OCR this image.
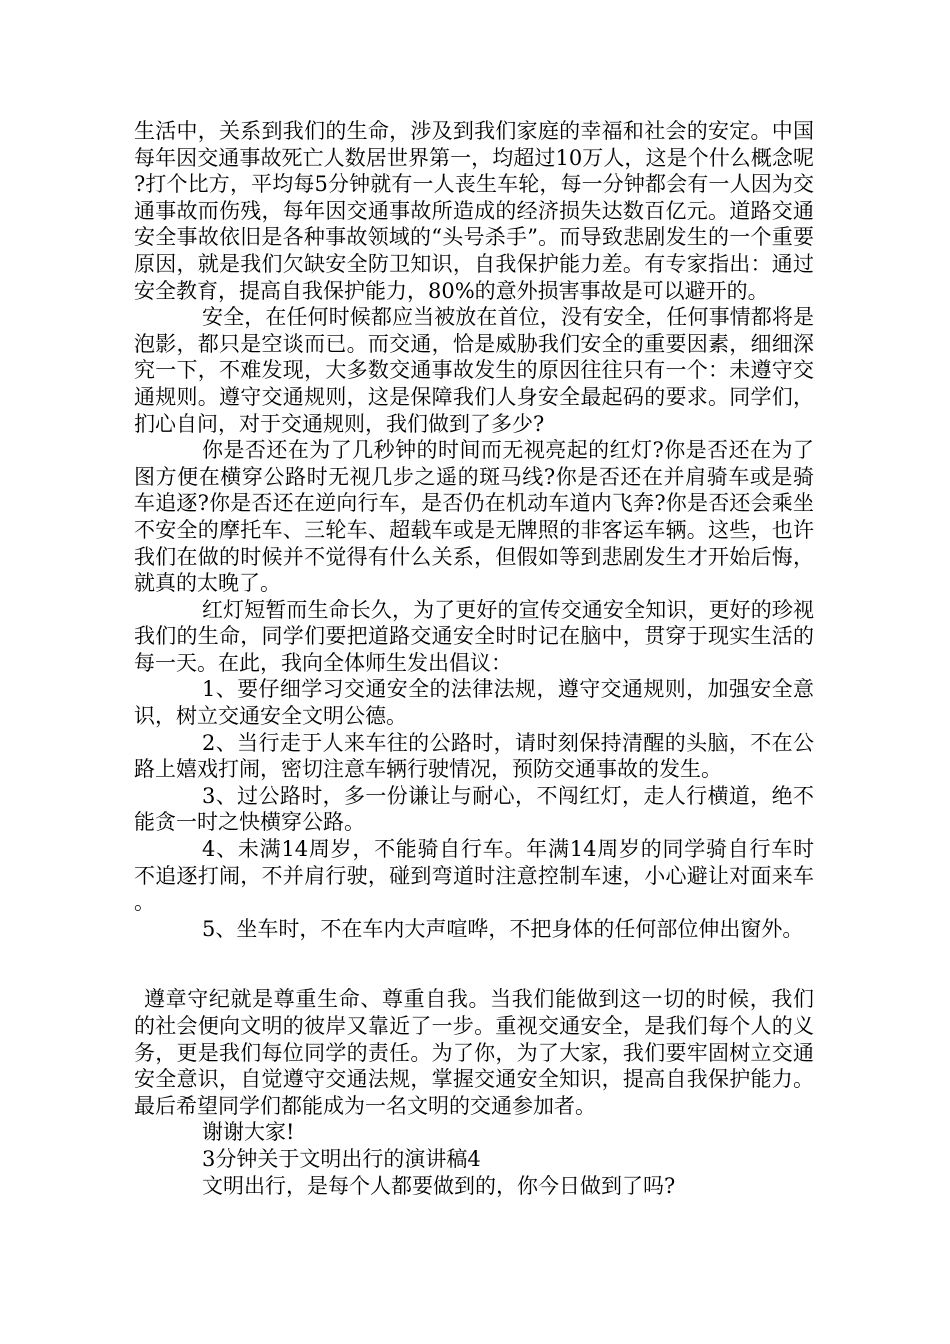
生活中，关系到我们的生命，涉及到我们家庭的幸福和社会的安定。中国每年因交通事故死亡人数居世界第一，均超过10万人，这是个什么概念呢?打个比方，平均每5分钟就有一人丧生车轮，每一分钟都会有一人因为交通事故而伤残，每年因交通事故所造成的经济损失达数百亿元。道路交通安全事故依旧是各种事故领域的“头号杀手”。而导致悲剧发生的一个重要原因，就是我们欠缺安全防卫知识，自我保护能力差。有专家指出：通过安全教育，提高自我保护能力，80%的意外损害事故是可以避开的。

安全，在任何时候都应当被放在首位，没有安全，任何事情都将是泡影，都只是空谈而已。而交通，恰是威胁我们安全的重要因素，细细深究一下，不难发现，大多数交通事故发生的原因往往只有一个：未遵守交通规则。遵守交通规则，这是保障我们人身安全最起码的要求。同学们，扪心自问，对于交通规则，我们做到了多少?

你是否还在为了几秒钟的时间而无视亮起的红灯?你是否还在为了图方便在横穿公路时无视几步之遥的斑马线?你是否还在并肩骑车或是骑车追逐?你是否还在逆向行车，是否仍在机动车道内飞奔?你是否还会乘坐不安全的摩托车、三轮车、超载车或是无牌照的非客运车辆。这些，也许我们在做的时候并不觉得有什么关系，但假如等到悲剧发生才开始后悔，就真的太晚了。

红灯短暂而生命长久，为了更好的宣传交通安全知识，更好的珍视我们的生命，同学们要把道路交通安全时时记在脑中，贯穿于现实生活的每一天。在此，我向全体师生发出倡议：

1、要仔细学习交通安全的法律法规，遵守交通规则，加强安全意识，树立交通安全文明公德。

2、当行走于人来车往的公路时，请时刻保持清醒的头脑，不在公路上嬉戏打闹，密切注意车辆行驶情况，预防交通事故的发生。

3、过公路时，多一份谦让与耐心，不闯红灯，走人行横道，绝不能贪一时之快横穿公路。

4、未满14周岁，不能骑自行车。年满14周岁的同学骑自行车时不追逐打闹，不并肩行驶，碰到弯道时注意控制车速，小心避让对面来车。

5、坐车时，不在车内大声喧哗，不把身体的任何部位伸出窗外。

遵章守纪就是尊重生命、尊重自我。当我们能做到这一切的时候，我们的社会便向文明的彼岸又靠近了一步。重视交通安全，是我们每个人的义务，更是我们每位同学的责任。为了你，为了大家，我们要牢固树立交通安全意识，自觉遵守交通法规，掌握交通安全知识，提高自我保护能力。最后希望同学们都能成为一名文明的交通参加者。

谢谢大家!

3分钟关于文明出行的演讲稿4

文明出行，是每个人都要做到的，你今日做到了吗?
